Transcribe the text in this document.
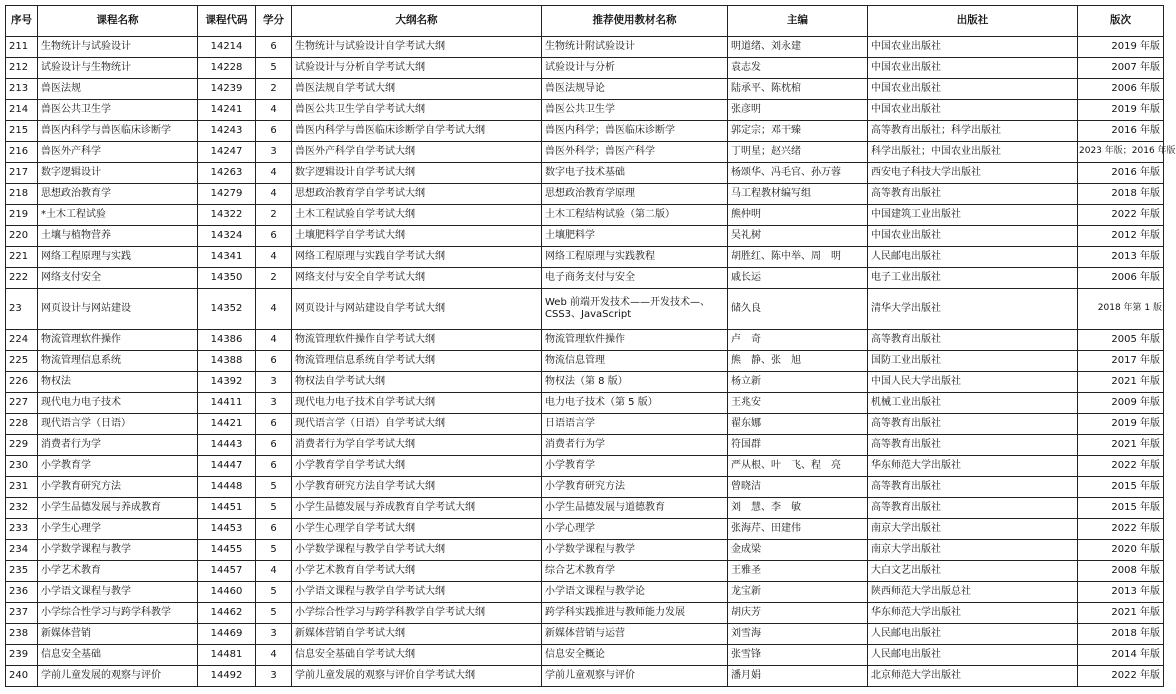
序号	课程名称	课程代码	学分	大纲名称	推荐使用教材名称	主编	出版社	版次
211	生物统计与试验设计	14214	6	生物统计与试验设计自学考试大纲	生物统计附试验设计	明道绪、刘永建	中国农业出版社	2019 年版
212	试验设计与生物统计	14228	5	试验设计与分析自学考试大纲	试验设计与分析	袁志发	中国农业出版社	2007 年版
213	兽医法规	14239	2	兽医法规自学考试大纲	兽医法规导论	陆承平、陈枕棺	中国农业出版社	2006 年版
214	兽医公共卫生学	14241	4	兽医公共卫生学自学考试大纲	兽医公共卫生学	张彦明	中国农业出版社	2019 年版
215	兽医内科学与兽医临床诊断学	14243	6	兽医内科学与兽医临床诊断学自学考试大纲	兽医内科学；兽医临床诊断学	郭定宗；邓干臻	高等教育出版社；科学出版社	2016 年版
216	兽医外产科学	14247	3	兽医外产科学自学考试大纲	兽医外科学；兽医产科学	丁明星；赵兴绪	科学出版社；中国农业出版社	2023 年版；2016 年版
217	数字逻辑设计	14263	4	数字逻辑设计自学考试大纲	数字电子技术基础	杨颂华、冯毛官、孙万蓉	西安电子科技大学出版社	2016 年版
218	思想政治教育学	14279	4	思想政治教育学自学考试大纲	思想政治教育学原理	马工程教材编写组	高等教育出版社	2018 年版
219	*土木工程试验	14322	2	土木工程试验自学考试大纲	土木工程结构试验（第二版）	熊仲明	中国建筑工业出版社	2022 年版
220	土壤与植物营养	14324	6	土壤肥料学自学考试大纲	土壤肥料学	吴礼树	中国农业出版社	2012 年版
221	网络工程原理与实践	14341	4	网络工程原理与实践自学考试大纲	网络工程原理与实践教程	胡胜红、陈中举、周　明	人民邮电出版社	2013 年版
222	网络支付安全	14350	2	网络支付与安全自学考试大纲	电子商务支付与安全	戚长运	电子工业出版社	2006 年版
23	网页设计与网站建设	14352	4	网页设计与网站建设自学考试大纲	Web 前端开发技术——开发技术—、CSS3、JavaScript	储久良	清华大学出版社	2018 年第 1 版
224	物流管理软件操作	14386	4	物流管理软件操作自学考试大纲	物流管理软件操作	卢　奇	高等教育出版社	2005 年版
225	物流管理信息系统	14388	6	物流管理信息系统自学考试大纲	物流信息管理	熊　静、张　旭	国防工业出版社	2017 年版
226	物权法	14392	3	物权法自学考试大纲	物权法（第 8 版）	杨立新	中国人民大学出版社	2021 年版
227	现代电力电子技术	14411	3	现代电力电子技术自学考试大纲	电力电子技术（第 5 版）	王兆安	机械工业出版社	2009 年版
228	现代语言学（日语）	14421	6	现代语言学（日语）自学考试大纲	日语语言学	翟东娜	高等教育出版社	2019 年版
229	消费者行为学	14443	6	消费者行为学自学考试大纲	消费者行为学	符国群	高等教育出版社	2021 年版
230	小学教育学	14447	6	小学教育学自学考试大纲	小学教育学	严从根、叶　飞、程　亮	华东师范大学出版社	2022 年版
231	小学教育研究方法	14448	5	小学教育研究方法自学考试大纲	小学教育研究方法	曾晓洁	高等教育出版社	2015 年版
232	小学生品德发展与养成教育	14451	5	小学生品德发展与养成教育自学考试大纲	小学生品德发展与道德教育	刘　慧、李　敏	高等教育出版社	2015 年版
233	小学生心理学	14453	6	小学生心理学自学考试大纲	小学心理学	张海芹、田建伟	南京大学出版社	2022 年版
234	小学数学课程与教学	14455	5	小学数学课程与教学自学考试大纲	小学数学课程与教学	金成梁	南京大学出版社	2020 年版
235	小学艺术教育	14457	4	小学艺术教育自学考试大纲	综合艺术教育学	王雅圣	大白文艺出版社	2008 年版
236	小学语文课程与教学	14460	5	小学语文课程与教学自学考试大纲	小学语文课程与教学论	龙宝新	陕西师范大学出版总社	2013 年版
237	小学综合性学习与跨学科教学	14462	5	小学综合性学习与跨学科教学自学考试大纲	跨学科实践推进与教师能力发展	胡庆芳	华东师范大学出版社	2021 年版
238	新媒体营销	14469	3	新媒体营销自学考试大纲	新媒体营销与运营	刘雪海	人民邮电出版社	2018 年版
239	信息安全基础	14481	4	信息安全基础自学考试大纲	信息安全概论	张雪锋	人民邮电出版社	2014 年版
240	学前儿童发展的观察与评价	14492	3	学前儿童发展的观察与评价自学考试大纲	学前儿童观察与评价	潘月娟	北京师范大学出版社	2022 年版
